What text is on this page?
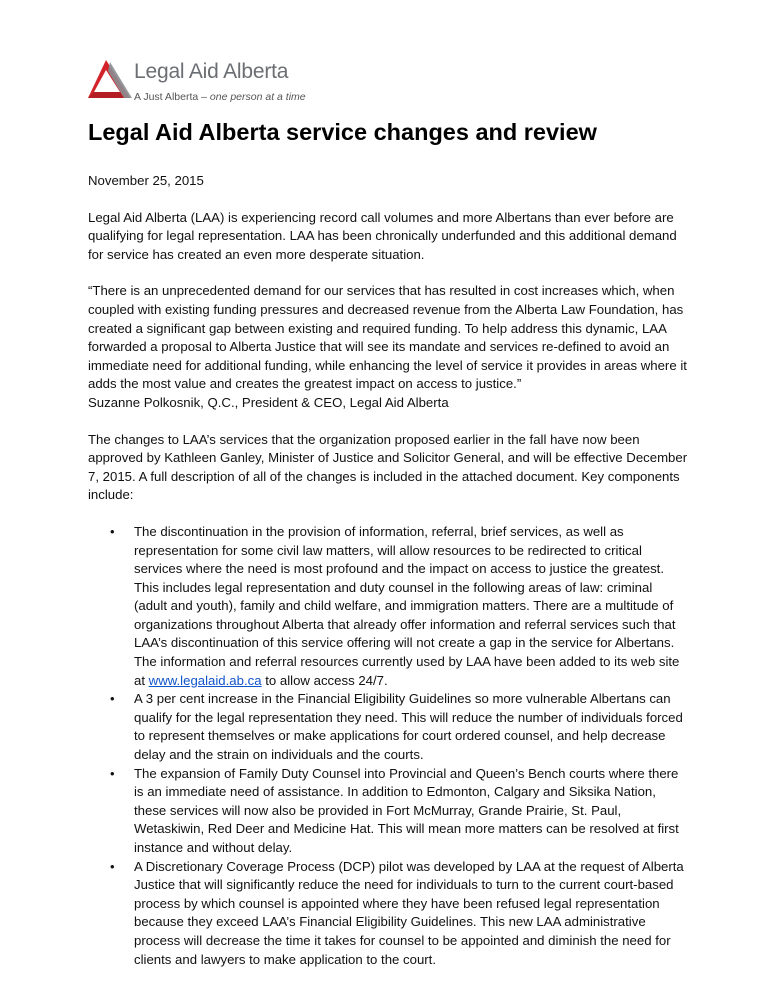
Legal Aid Alberta
A Just Alberta – one person at a time
Legal Aid Alberta service changes and review

November 25, 2015

Legal Aid Alberta (LAA) is experiencing record call volumes and more Albertans than ever before are qualifying for legal representation. LAA has been chronically underfunded and this additional demand for service has created an even more desperate situation.

“There is an unprecedented demand for our services that has resulted in cost increases which, when coupled with existing funding pressures and decreased revenue from the Alberta Law Foundation, has created a significant gap between existing and required funding. To help address this dynamic, LAA forwarded a proposal to Alberta Justice that will see its mandate and services re-defined to avoid an immediate need for additional funding, while enhancing the level of service it provides in areas where it adds the most value and creates the greatest impact on access to justice.”
Suzanne Polkosnik, Q.C., President & CEO, Legal Aid Alberta

The changes to LAA’s services that the organization proposed earlier in the fall have now been approved by Kathleen Ganley, Minister of Justice and Solicitor General, and will be effective December 7, 2015. A full description of all of the changes is included in the attached document. Key components include:

• The discontinuation in the provision of information, referral, brief services, as well as representation for some civil law matters, will allow resources to be redirected to critical services where the need is most profound and the impact on access to justice the greatest. This includes legal representation and duty counsel in the following areas of law: criminal (adult and youth), family and child welfare, and immigration matters. There are a multitude of organizations throughout Alberta that already offer information and referral services such that LAA’s discontinuation of this service offering will not create a gap in the service for Albertans. The information and referral resources currently used by LAA have been added to its web site at www.legalaid.ab.ca to allow access 24/7.
• A 3 per cent increase in the Financial Eligibility Guidelines so more vulnerable Albertans can qualify for the legal representation they need. This will reduce the number of individuals forced to represent themselves or make applications for court ordered counsel, and help decrease delay and the strain on individuals and the courts.
• The expansion of Family Duty Counsel into Provincial and Queen’s Bench courts where there is an immediate need of assistance. In addition to Edmonton, Calgary and Siksika Nation, these services will now also be provided in Fort McMurray, Grande Prairie, St. Paul, Wetaskiwin, Red Deer and Medicine Hat. This will mean more matters can be resolved at first instance and without delay.
• A Discretionary Coverage Process (DCP) pilot was developed by LAA at the request of Alberta Justice that will significantly reduce the need for individuals to turn to the current court-based process by which counsel is appointed where they have been refused legal representation because they exceed LAA’s Financial Eligibility Guidelines. This new LAA administrative process will decrease the time it takes for counsel to be appointed and diminish the need for clients and lawyers to make application to the court.
